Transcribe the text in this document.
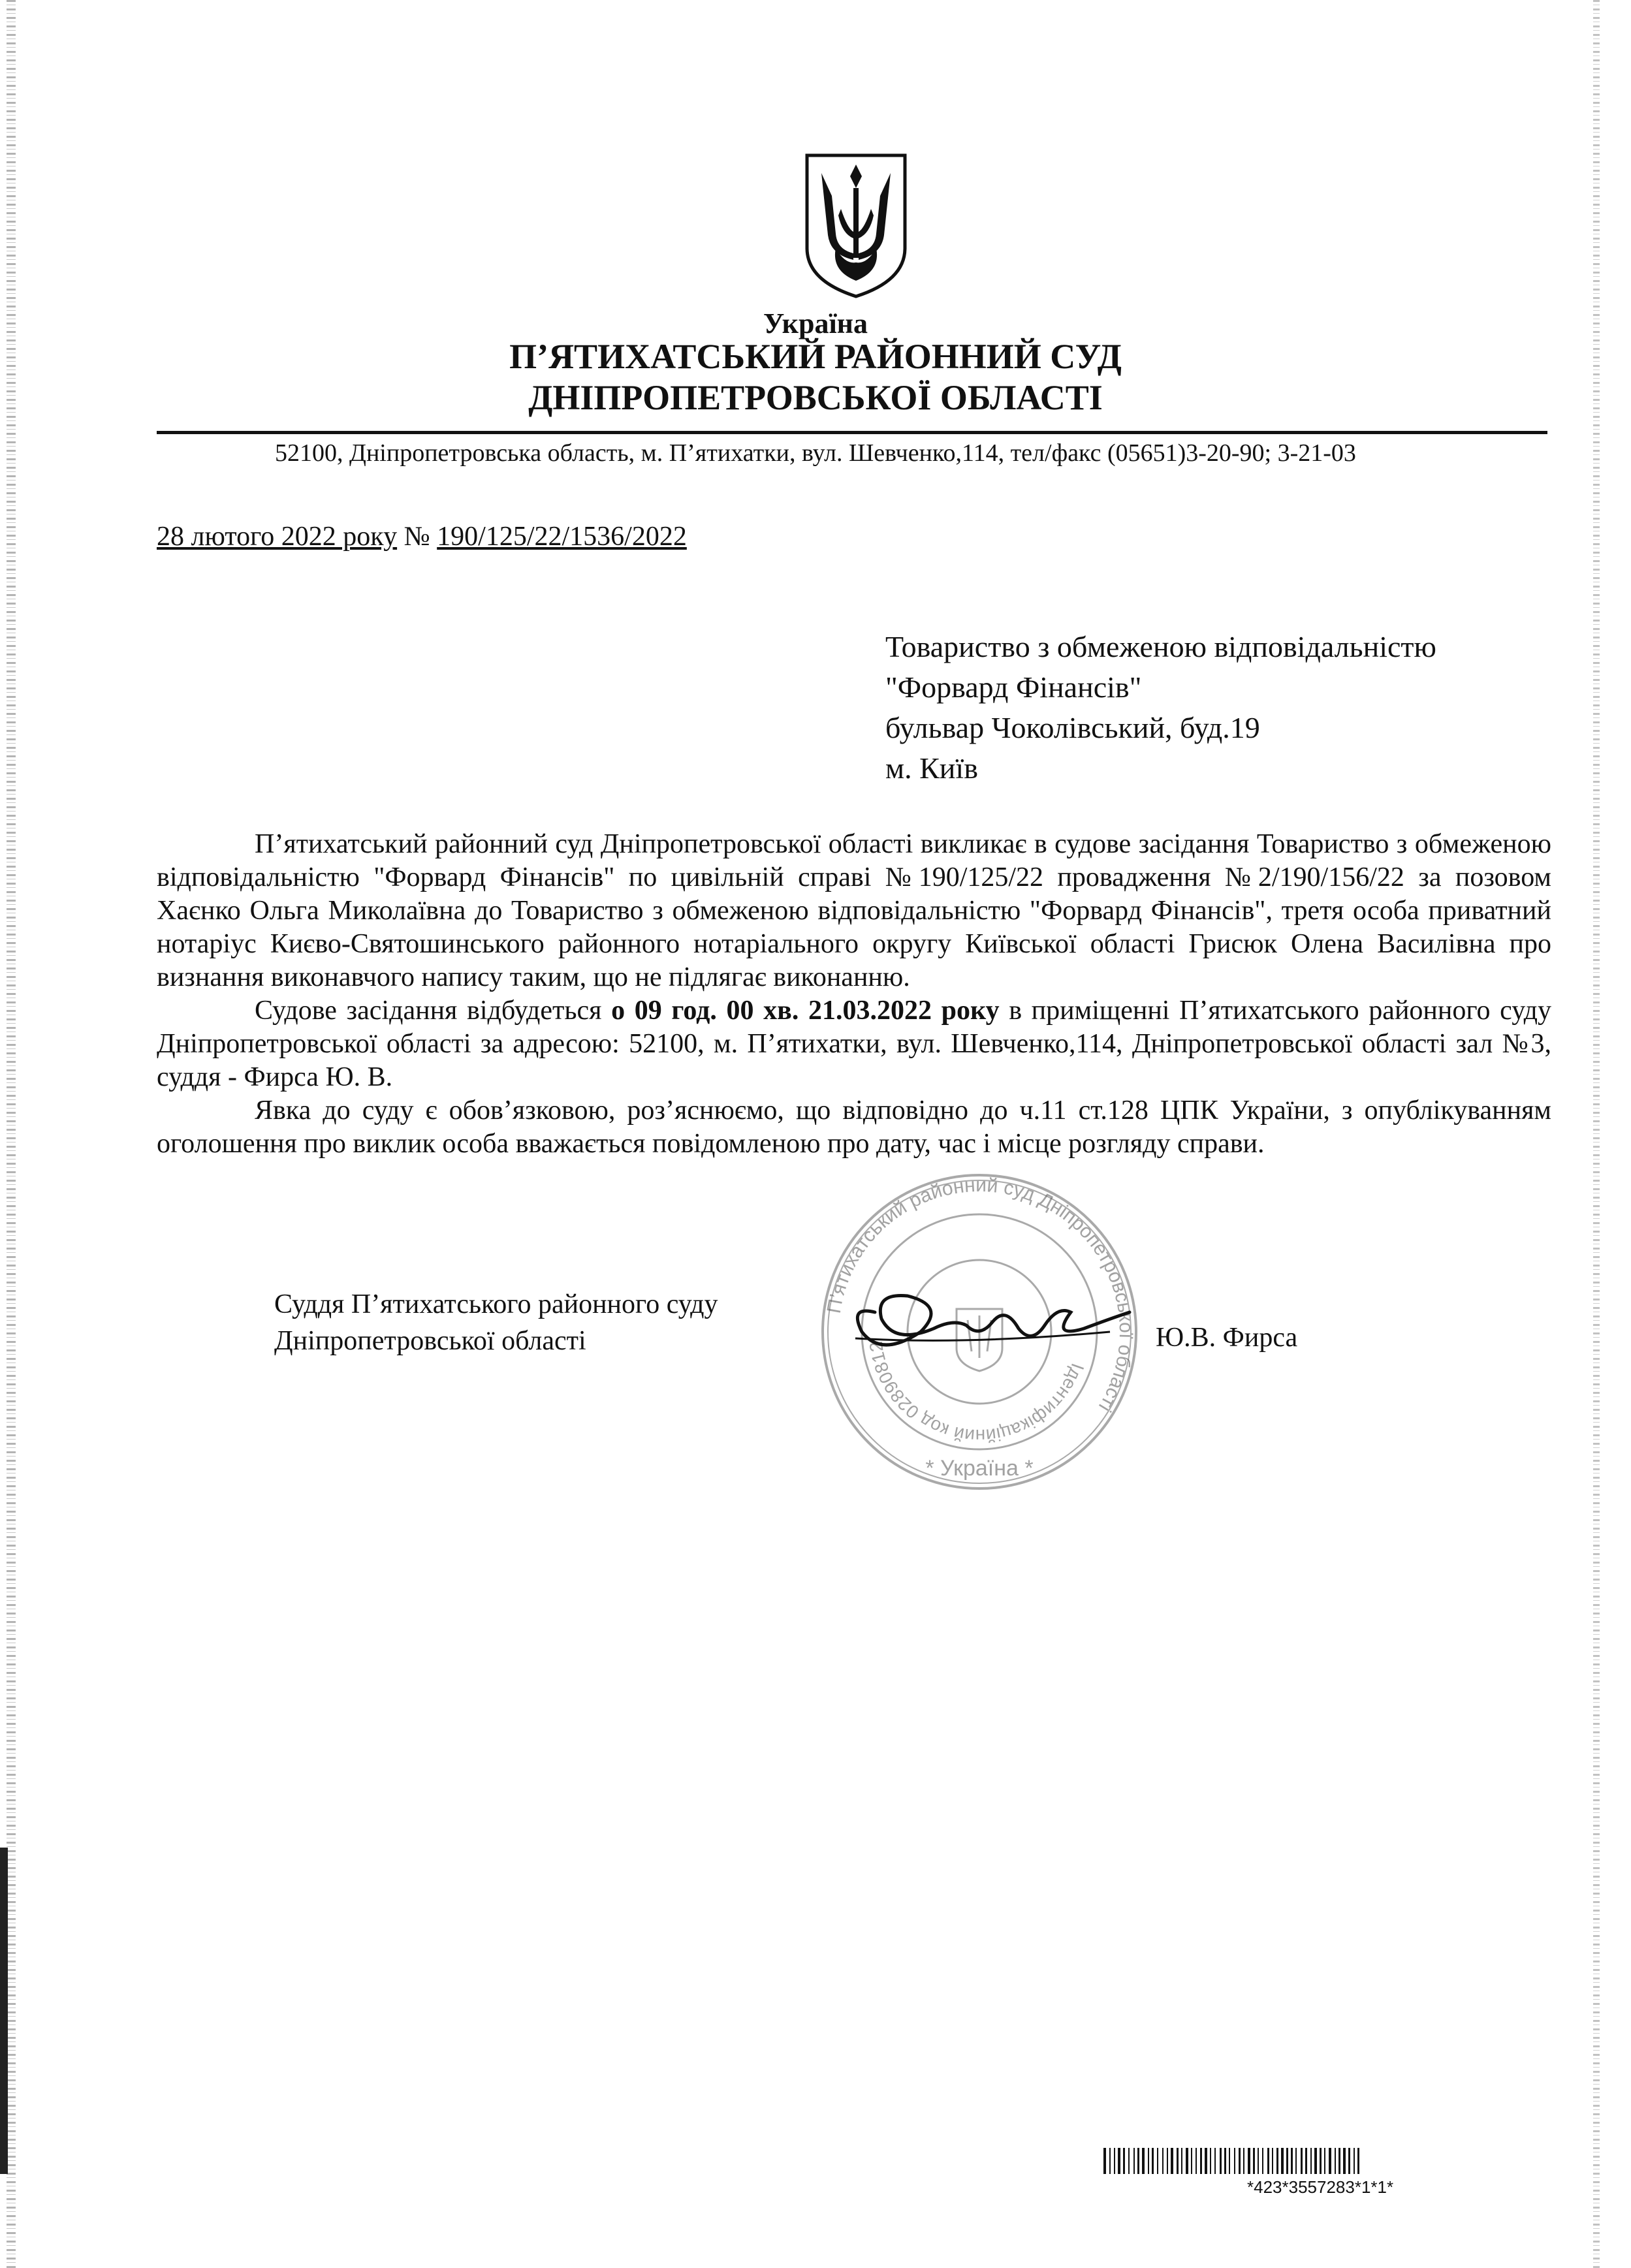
Україна
П’ЯТИХАТСЬКИЙ РАЙОННИЙ СУД
ДНІПРОПЕТРОВСЬКОЇ ОБЛАСТІ
52100, Дніпропетровська область, м. П’ятихатки, вул. Шевченко,114, тел/факс (05651)3-20-90; 3-21-03
28 лютого 2022 року № 190/125/22/1536/2022
Товариство з обмеженою відповідальністю
"Форвард Фінансів"
бульвар Чоколівський, буд.19
м. Київ

П’ятихатський районний суд Дніпропетровської області викликає в судове засідання Товариство з обмеженою відповідальністю "Форвард Фінансів" по цивільній справі №190/125/22 провадження №2/190/156/22 за позовом Хаєнко Ольга Миколаївна до Товариство з обмеженою відповідальністю "Форвард Фінансів", третя особа приватний нотаріус Києво-Святошинського районного нотаріального округу Київської області Грисюк Олена Василівна про визнання виконавчого напису таким, що не підлягає виконанню.

Судове засідання відбудеться о 09 год. 00 хв. 21.03.2022 року в приміщенні П’ятихатського районного суду Дніпропетровської області за адресою: 52100, м. П’ятихатки, вул. Шевченко,114, Дніпропетровської області зал №3, суддя - Фирса Ю. В.

Явка до суду є обов’язковою, роз’яснюємо, що відповідно до ч.11 ст.128 ЦПК України, з опублікуванням оголошення про виклик особа вважається повідомленою про дату, час і місце розгляду справи.

П’ятихатський районний суд Дніпропетровської області
Ідентифікаційний код 02890812
* Україна *
Суддя П’ятихатського районного суду
Дніпропетровської області	Ю.В. Фирса
*423*3557283*1*1*
